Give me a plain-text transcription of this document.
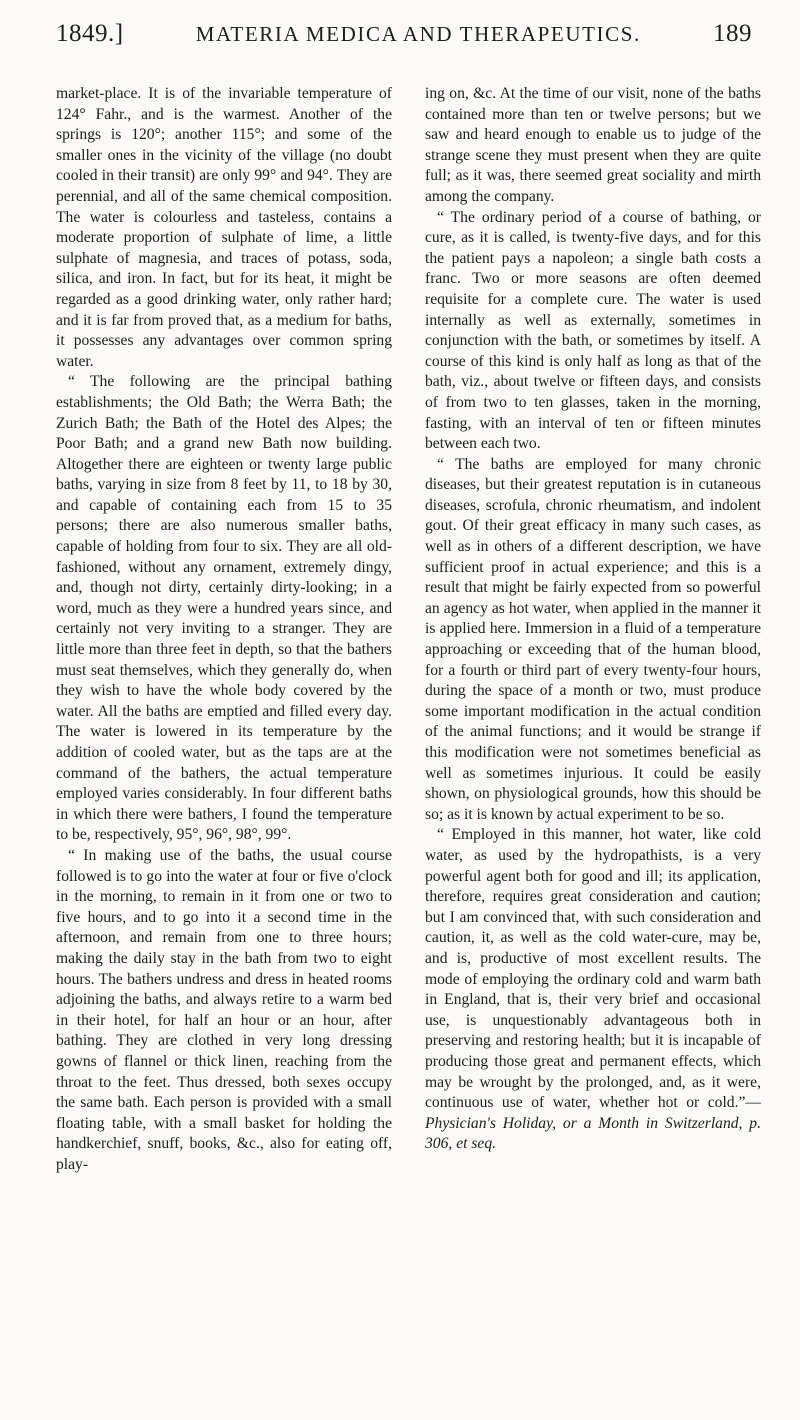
1849.]	MATERIA MEDICA AND THERAPEUTICS.	189

market-place. It is of the invariable temperature of 124° Fahr., and is the warmest. Another of the springs is 120°; another 115°; and some of the smaller ones in the vicinity of the village (no doubt cooled in their transit) are only 99° and 94°. They are perennial, and all of the same chemical composition. The water is colourless and tasteless, contains a moderate proportion of sulphate of lime, a little sulphate of magnesia, and traces of potass, soda, silica, and iron. In fact, but for its heat, it might be regarded as a good drinking water, only rather hard; and it is far from proved that, as a medium for baths, it possesses any advantages over common spring water.

“ The following are the principal bathing establishments; the Old Bath; the Werra Bath; the Zurich Bath; the Bath of the Hotel des Alpes; the Poor Bath; and a grand new Bath now building. Altogether there are eighteen or twenty large public baths, varying in size from 8 feet by 11, to 18 by 30, and capable of containing each from 15 to 35 persons; there are also numerous smaller baths, capable of holding from four to six. They are all old-fashioned, without any ornament, extremely dingy, and, though not dirty, certainly dirty-looking; in a word, much as they were a hundred years since, and certainly not very inviting to a stranger. They are little more than three feet in depth, so that the bathers must seat themselves, which they generally do, when they wish to have the whole body covered by the water. All the baths are emptied and filled every day. The water is lowered in its temperature by the addition of cooled water, but as the taps are at the command of the bathers, the actual temperature employed varies considerably. In four different baths in which there were bathers, I found the temperature to be, respectively, 95°, 96°, 98°, 99°.

“ In making use of the baths, the usual course followed is to go into the water at four or five o'clock in the morning, to remain in it from one or two to five hours, and to go into it a second time in the afternoon, and remain from one to three hours; making the daily stay in the bath from two to eight hours. The bathers undress and dress in heated rooms adjoining the baths, and always retire to a warm bed in their hotel, for half an hour or an hour, after bathing. They are clothed in very long dressing gowns of flannel or thick linen, reaching from the throat to the feet. Thus dressed, both sexes occupy the same bath. Each person is provided with a small floating table, with a small basket for holding the handkerchief, snuff, books, &c., also for eating off, play-

ing on, &c. At the time of our visit, none of the baths contained more than ten or twelve persons; but we saw and heard enough to enable us to judge of the strange scene they must present when they are quite full; as it was, there seemed great sociality and mirth among the company.

“ The ordinary period of a course of bathing, or cure, as it is called, is twenty-five days, and for this the patient pays a napoleon; a single bath costs a franc. Two or more seasons are often deemed requisite for a complete cure. The water is used internally as well as externally, sometimes in conjunction with the bath, or sometimes by itself. A course of this kind is only half as long as that of the bath, viz., about twelve or fifteen days, and consists of from two to ten glasses, taken in the morning, fasting, with an interval of ten or fifteen minutes between each two.

“ The baths are employed for many chronic diseases, but their greatest reputation is in cutaneous diseases, scrofula, chronic rheumatism, and indolent gout. Of their great efficacy in many such cases, as well as in others of a different description, we have sufficient proof in actual experience; and this is a result that might be fairly expected from so powerful an agency as hot water, when applied in the manner it is applied here. Immersion in a fluid of a temperature approaching or exceeding that of the human blood, for a fourth or third part of every twenty-four hours, during the space of a month or two, must produce some important modification in the actual condition of the animal functions; and it would be strange if this modification were not sometimes beneficial as well as sometimes injurious. It could be easily shown, on physiological grounds, how this should be so; as it is known by actual experiment to be so.

“ Employed in this manner, hot water, like cold water, as used by the hydropathists, is a very powerful agent both for good and ill; its application, therefore, requires great consideration and caution; but I am convinced that, with such consideration and caution, it, as well as the cold water-cure, may be, and is, productive of most excellent results. The mode of employing the ordinary cold and warm bath in England, that is, their very brief and occasional use, is unquestionably advantageous both in preserving and restoring health; but it is incapable of producing those great and permanent effects, which may be wrought by the prolonged, and, as it were, continuous use of water, whether hot or cold.”—Physician's Holiday, or a Month in Switzerland, p. 306, et seq.
